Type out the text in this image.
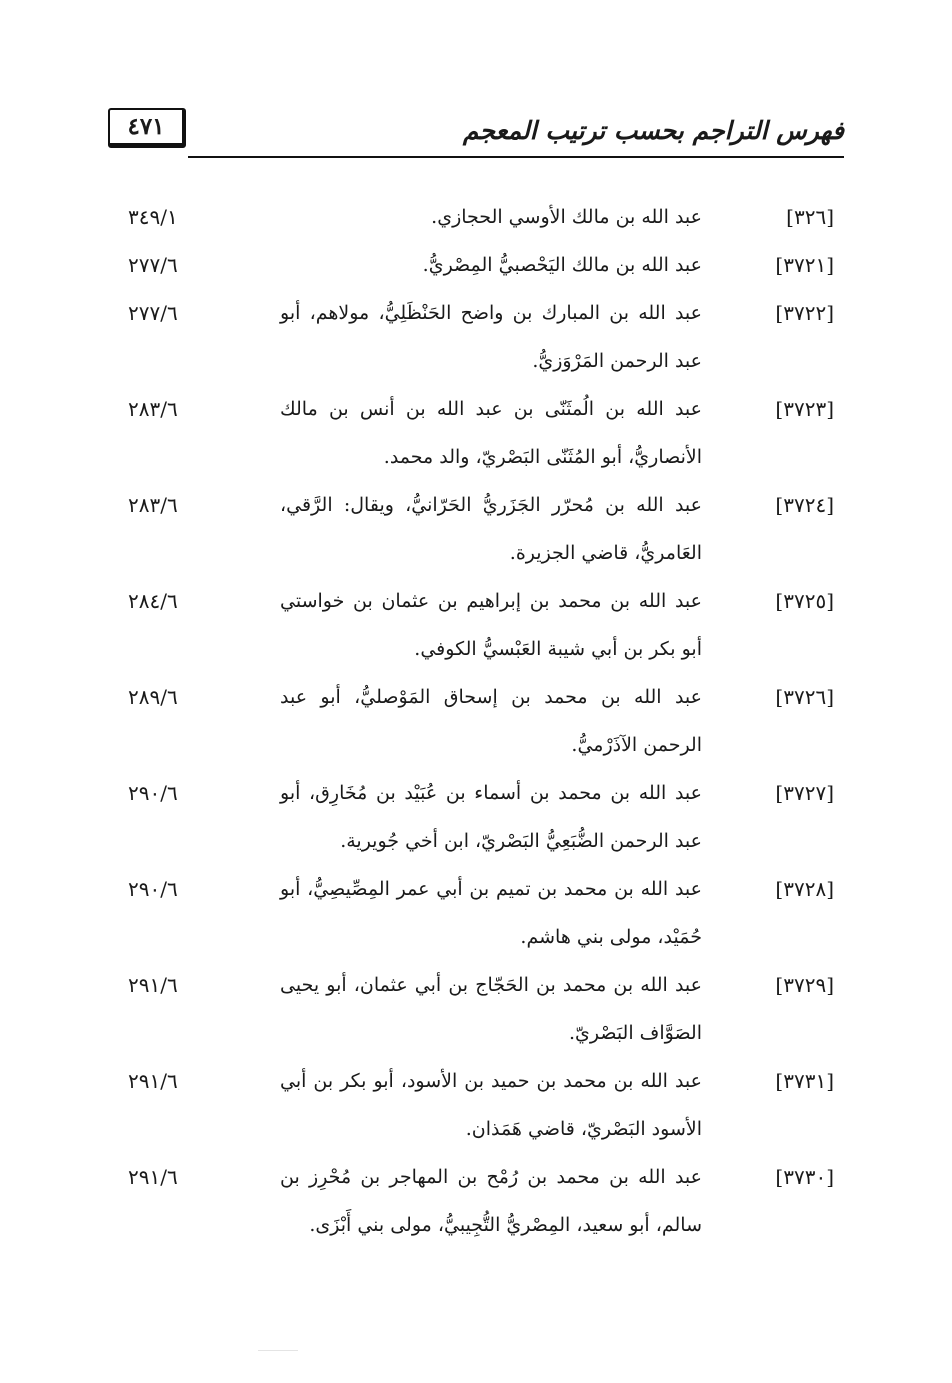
٤٧١	فهرس التراجم بحسب ترتيب المعجم
[٣٢٦]
عبد الله بن مالك الأوسي الحجازي.
٣٤٩/١
[٣٧٢١]
عبد الله بن مالك اليَحْصبيُّ المِصْريُّ.
٢٧٧/٦
[٣٧٢٢]
عبد الله بن المبارك بن واضح الحَنْظَلِيُّ، مولاهم، أبو عبد الرحمن المَرْوَزيُّ.
٢٧٧/٦
[٣٧٢٣]
عبد الله بن الُمثَنّى بن عبد الله بن أنس بن مالك الأنصاريُّ، أبو المُثَنّى البَصْريّ، والد محمد.
٢٨٣/٦
[٣٧٢٤]
عبد الله بن مُحرّر الجَزَريُّ الحَرّانيُّ، ويقال: الرَّقي، العَامريُّ، قاضي الجزيرة.
٢٨٣/٦
[٣٧٢٥]
عبد الله بن محمد بن إبراهيم بن عثمان بن خواستي أبو بكر بن أبي شيبة العَبْسيُّ الكوفي.
٢٨٤/٦
[٣٧٢٦]
عبد الله بن محمد بن إسحاق المَوْصليُّ، أبو عبد الرحمن الآذَرْميُّ.
٢٨٩/٦
[٣٧٢٧]
عبد الله بن محمد بن أسماء بن عُبَيْد بن مُخَارِق، أبو عبد الرحمن الضُّبَعِيُّ البَصْريّ، ابن أخي جُويرية.
٢٩٠/٦
[٣٧٢٨]
عبد الله بن محمد بن تميم بن أبي عمر المِصِّيصِيُّ، أبو حُمَيْد، مولى بني هاشم.
٢٩٠/٦
[٣٧٢٩]
عبد الله بن محمد بن الحَجّاج بن أبي عثمان، أبو يحيى الصَوَّاف البَصْريّ.
٢٩١/٦
[٣٧٣١]
عبد الله بن محمد بن حميد بن الأسود، أبو بكر بن أبي الأسود البَصْريّ، قاضي هَمَذان.
٢٩١/٦
[٣٧٣٠]
عبد الله بن محمد بن رُمْح بن المهاجر بن مُحْرِز بن سالم، أبو سعيد، المِصْريُّ التُّجِيبيُّ، مولى بني أَبْزَى.
٢٩١/٦
